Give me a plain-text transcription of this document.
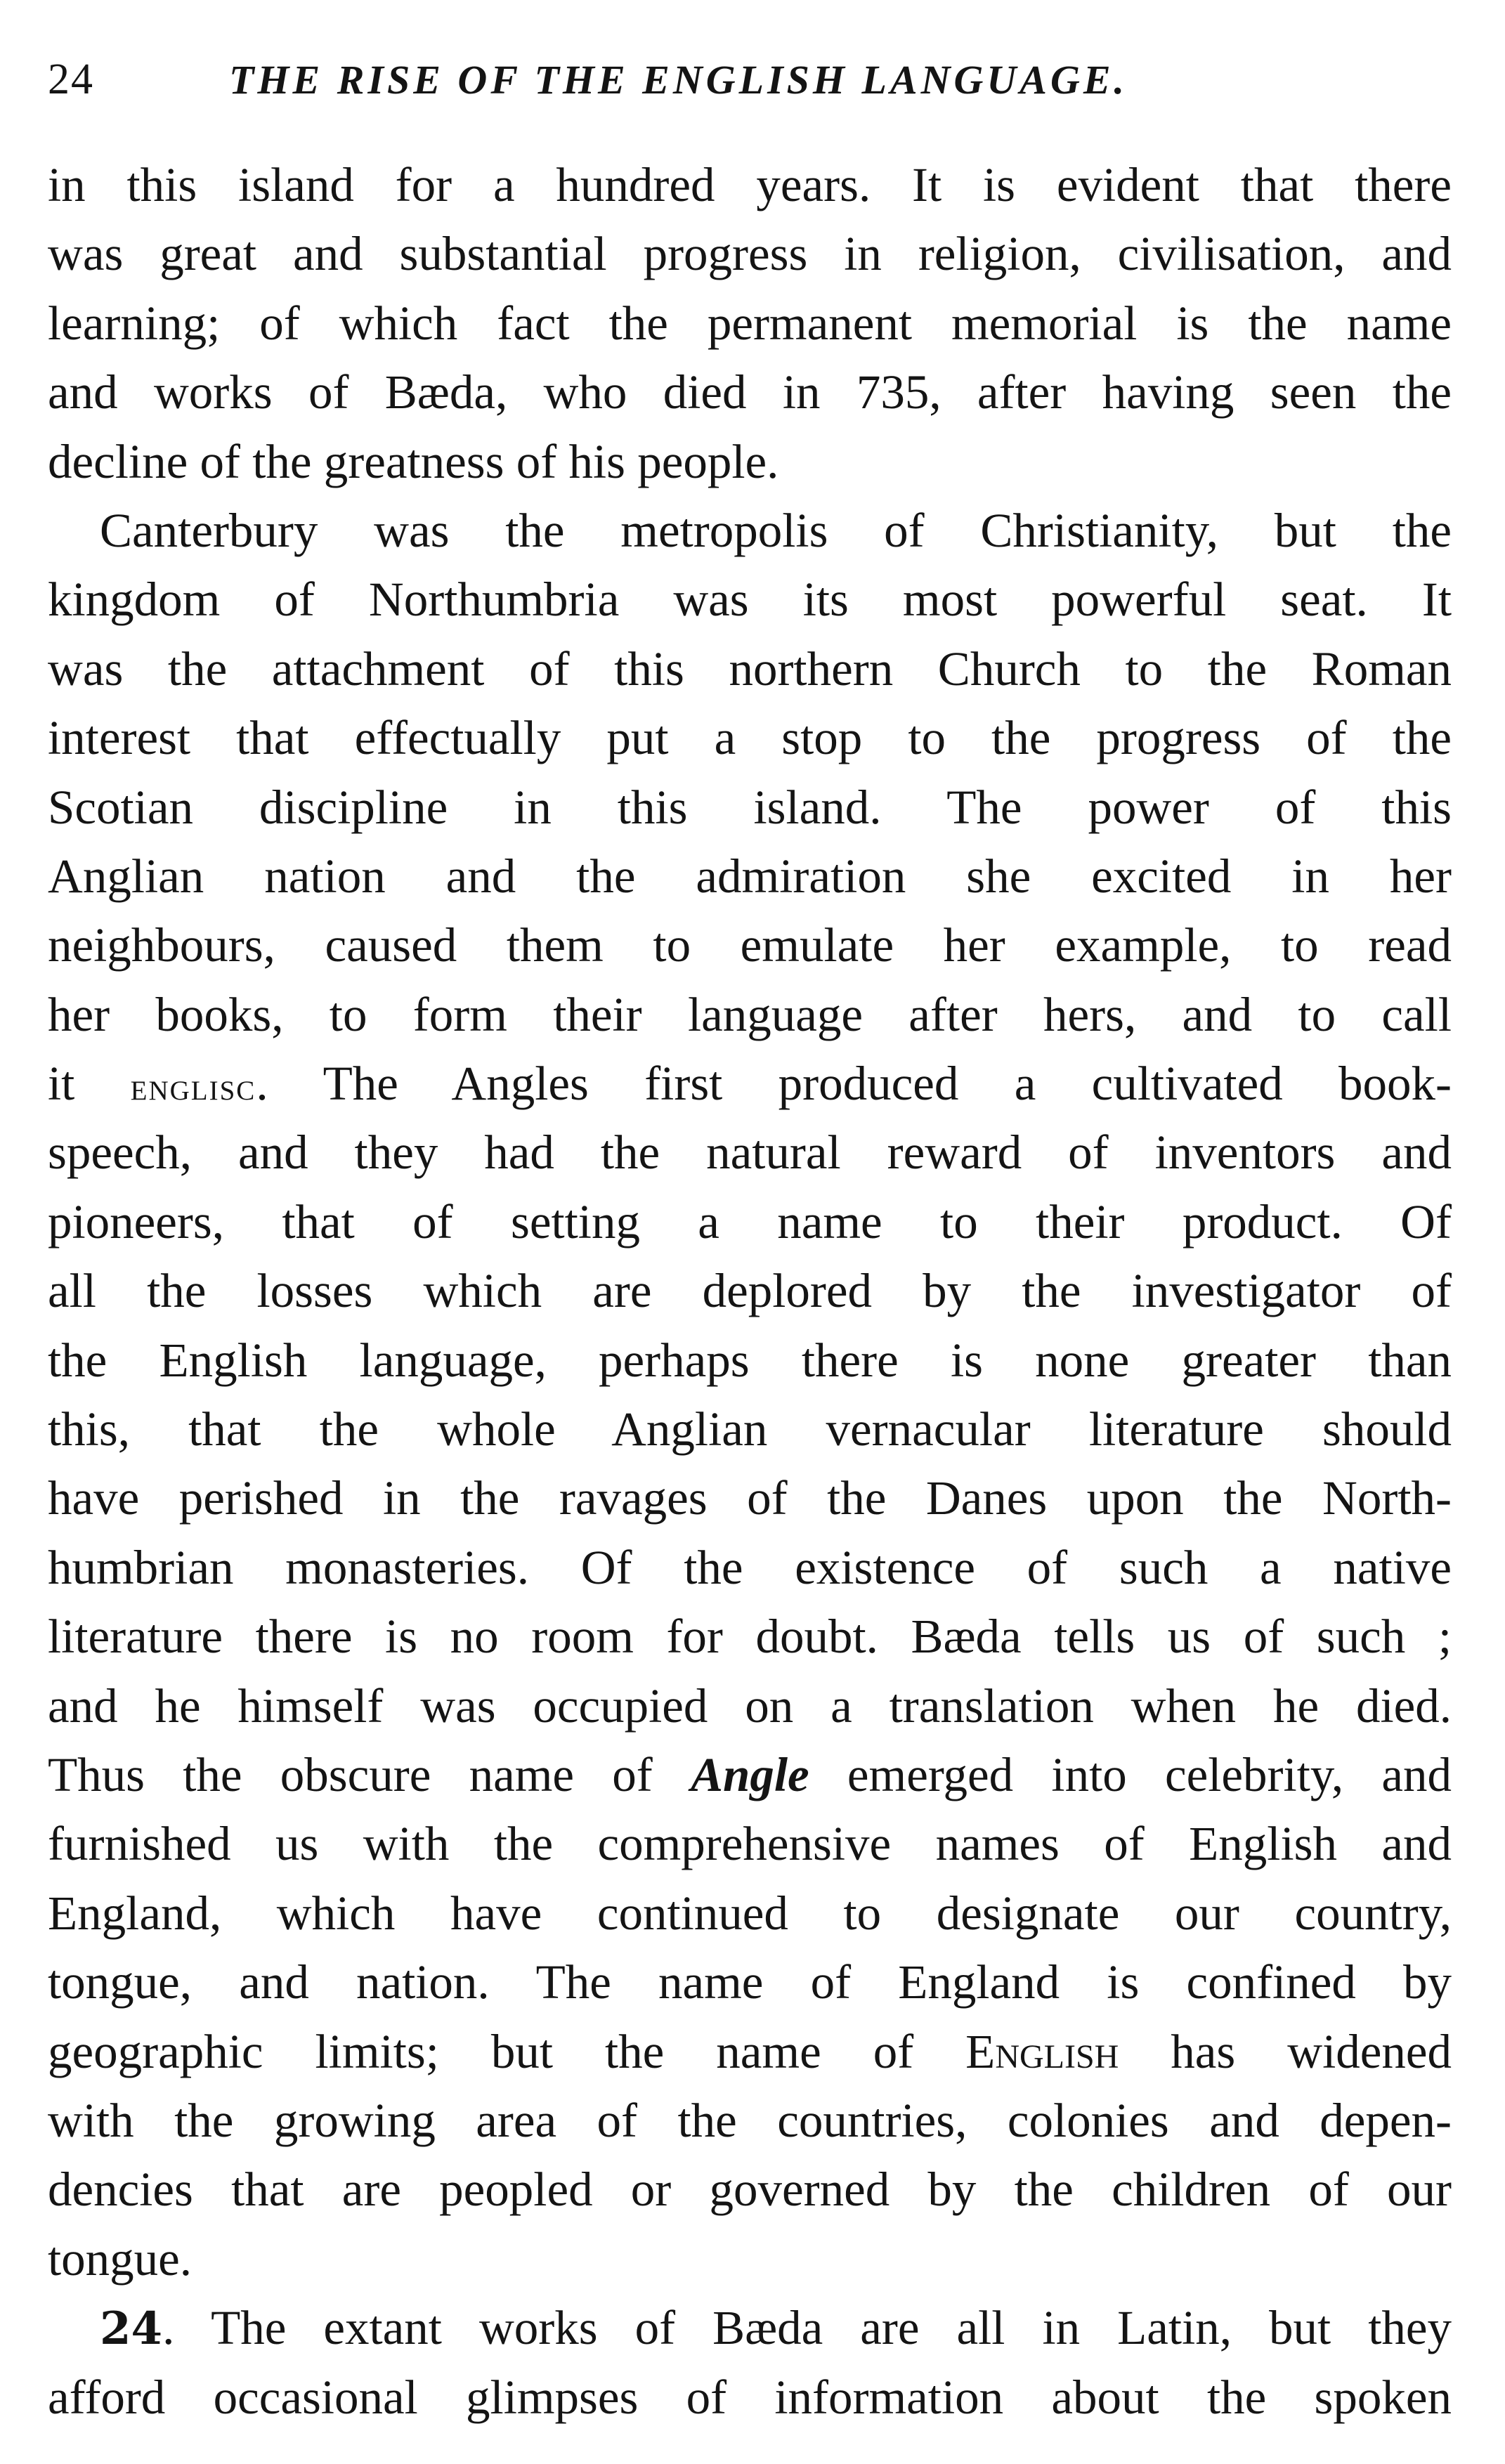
24	THE RISE OF THE ENGLISH LANGUAGE.
in this island for a hundred years. It is evident that there
was great and substantial progress in religion, civilisation, and
learning; of which fact the permanent memorial is the name
and works of Bæda, who died in 735, after having seen the
decline of the greatness of his people.
Canterbury was the metropolis of Christianity, but the
kingdom of Northumbria was its most powerful seat. It
was the attachment of this northern Church to the Roman
interest that effectually put a stop to the progress of the
Scotian discipline in this island. The power of this
Anglian nation and the admiration she excited in her
neighbours, caused them to emulate her example, to read
her books, to form their language after hers, and to call
it englisc. The Angles first produced a cultivated book-
speech, and they had the natural reward of inventors and
pioneers, that of setting a name to their product. Of
all the losses which are deplored by the investigator of
the English language, perhaps there is none greater than
this, that the whole Anglian vernacular literature should
have perished in the ravages of the Danes upon the North-
humbrian monasteries. Of the existence of such a native
literature there is no room for doubt. Bæda tells us of such ;
and he himself was occupied on a translation when he died.
Thus the obscure name of Angle emerged into celebrity, and
furnished us with the comprehensive names of English and
England, which have continued to designate our country,
tongue, and nation. The name of England is confined by
geographic limits; but the name of English has widened
with the growing area of the countries, colonies and depen-
dencies that are peopled or governed by the children of our
tongue.
24. The extant works of Bæda are all in Latin, but they
afford occasional glimpses of information about the spoken
